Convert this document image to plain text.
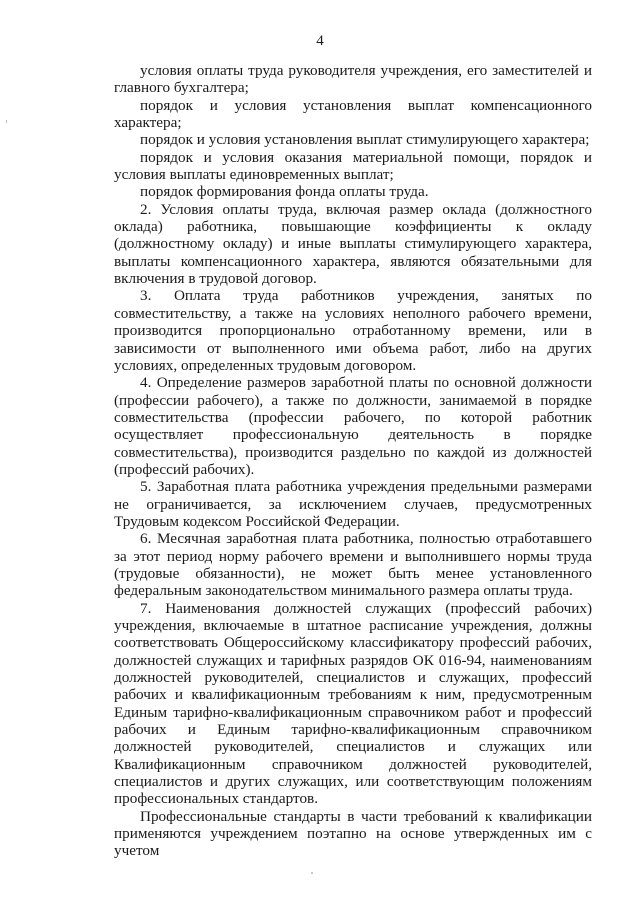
4

условия оплаты труда руководителя учреждения, его заместителей и главного бухгалтера;

порядок и условия установления выплат компенсационного характера;

порядок и условия установления выплат стимулирующего характера;

порядок и условия оказания материальной помощи, порядок и условия выплаты единовременных выплат;

порядок формирования фонда оплаты труда.

2. Условия оплаты труда, включая размер оклада (должностного оклада) работника, повышающие коэффициенты к окладу (должностному окладу) и иные выплаты стимулирующего характера, выплаты компенсационного характера, являются обязательными для включения в трудовой договор.

3. Оплата труда работников учреждения, занятых по совместительству, а также на условиях неполного рабочего времени, производится пропорционально отработанному времени, или в зависимости от выполненного ими объема работ, либо на других условиях, определенных трудовым договором.

4. Определение размеров заработной платы по основной должности (профессии рабочего), а также по должности, занимаемой в порядке совместительства (профессии рабочего, по которой работник осуществляет профессиональную деятельность в порядке совместительства), производится раздельно по каждой из должностей (профессий рабочих).

5. Заработная плата работника учреждения предельными размерами не ограничивается, за исключением случаев, предусмотренных Трудовым кодексом Российской Федерации.

6. Месячная заработная плата работника, полностью отработавшего за этот период норму рабочего времени и выполнившего нормы труда (трудовые обязанности), не может быть менее установленного федеральным законодательством минимального размера оплаты труда.

7. Наименования должностей служащих (профессий рабочих) учреждения, включаемые в штатное расписание учреждения, должны соответствовать Общероссийскому классификатору профессий рабочих, должностей служащих и тарифных разрядов ОК 016-94, наименованиям должностей руководителей, специалистов и служащих, профессий рабочих и квалификационным требованиям к ним, предусмотренным Единым тарифно-квалификационным справочником работ и профессий рабочих и Единым тарифно-квалификационным справочником должностей руководителей, специалистов и служащих или Квалификационным справочником должностей руководителей, специалистов и других служащих, или соответствующим положениям профессиональных стандартов.

Профессиональные стандарты в части требований к квалификации применяются учреждением поэтапно на основе утвержденных им с учетом
